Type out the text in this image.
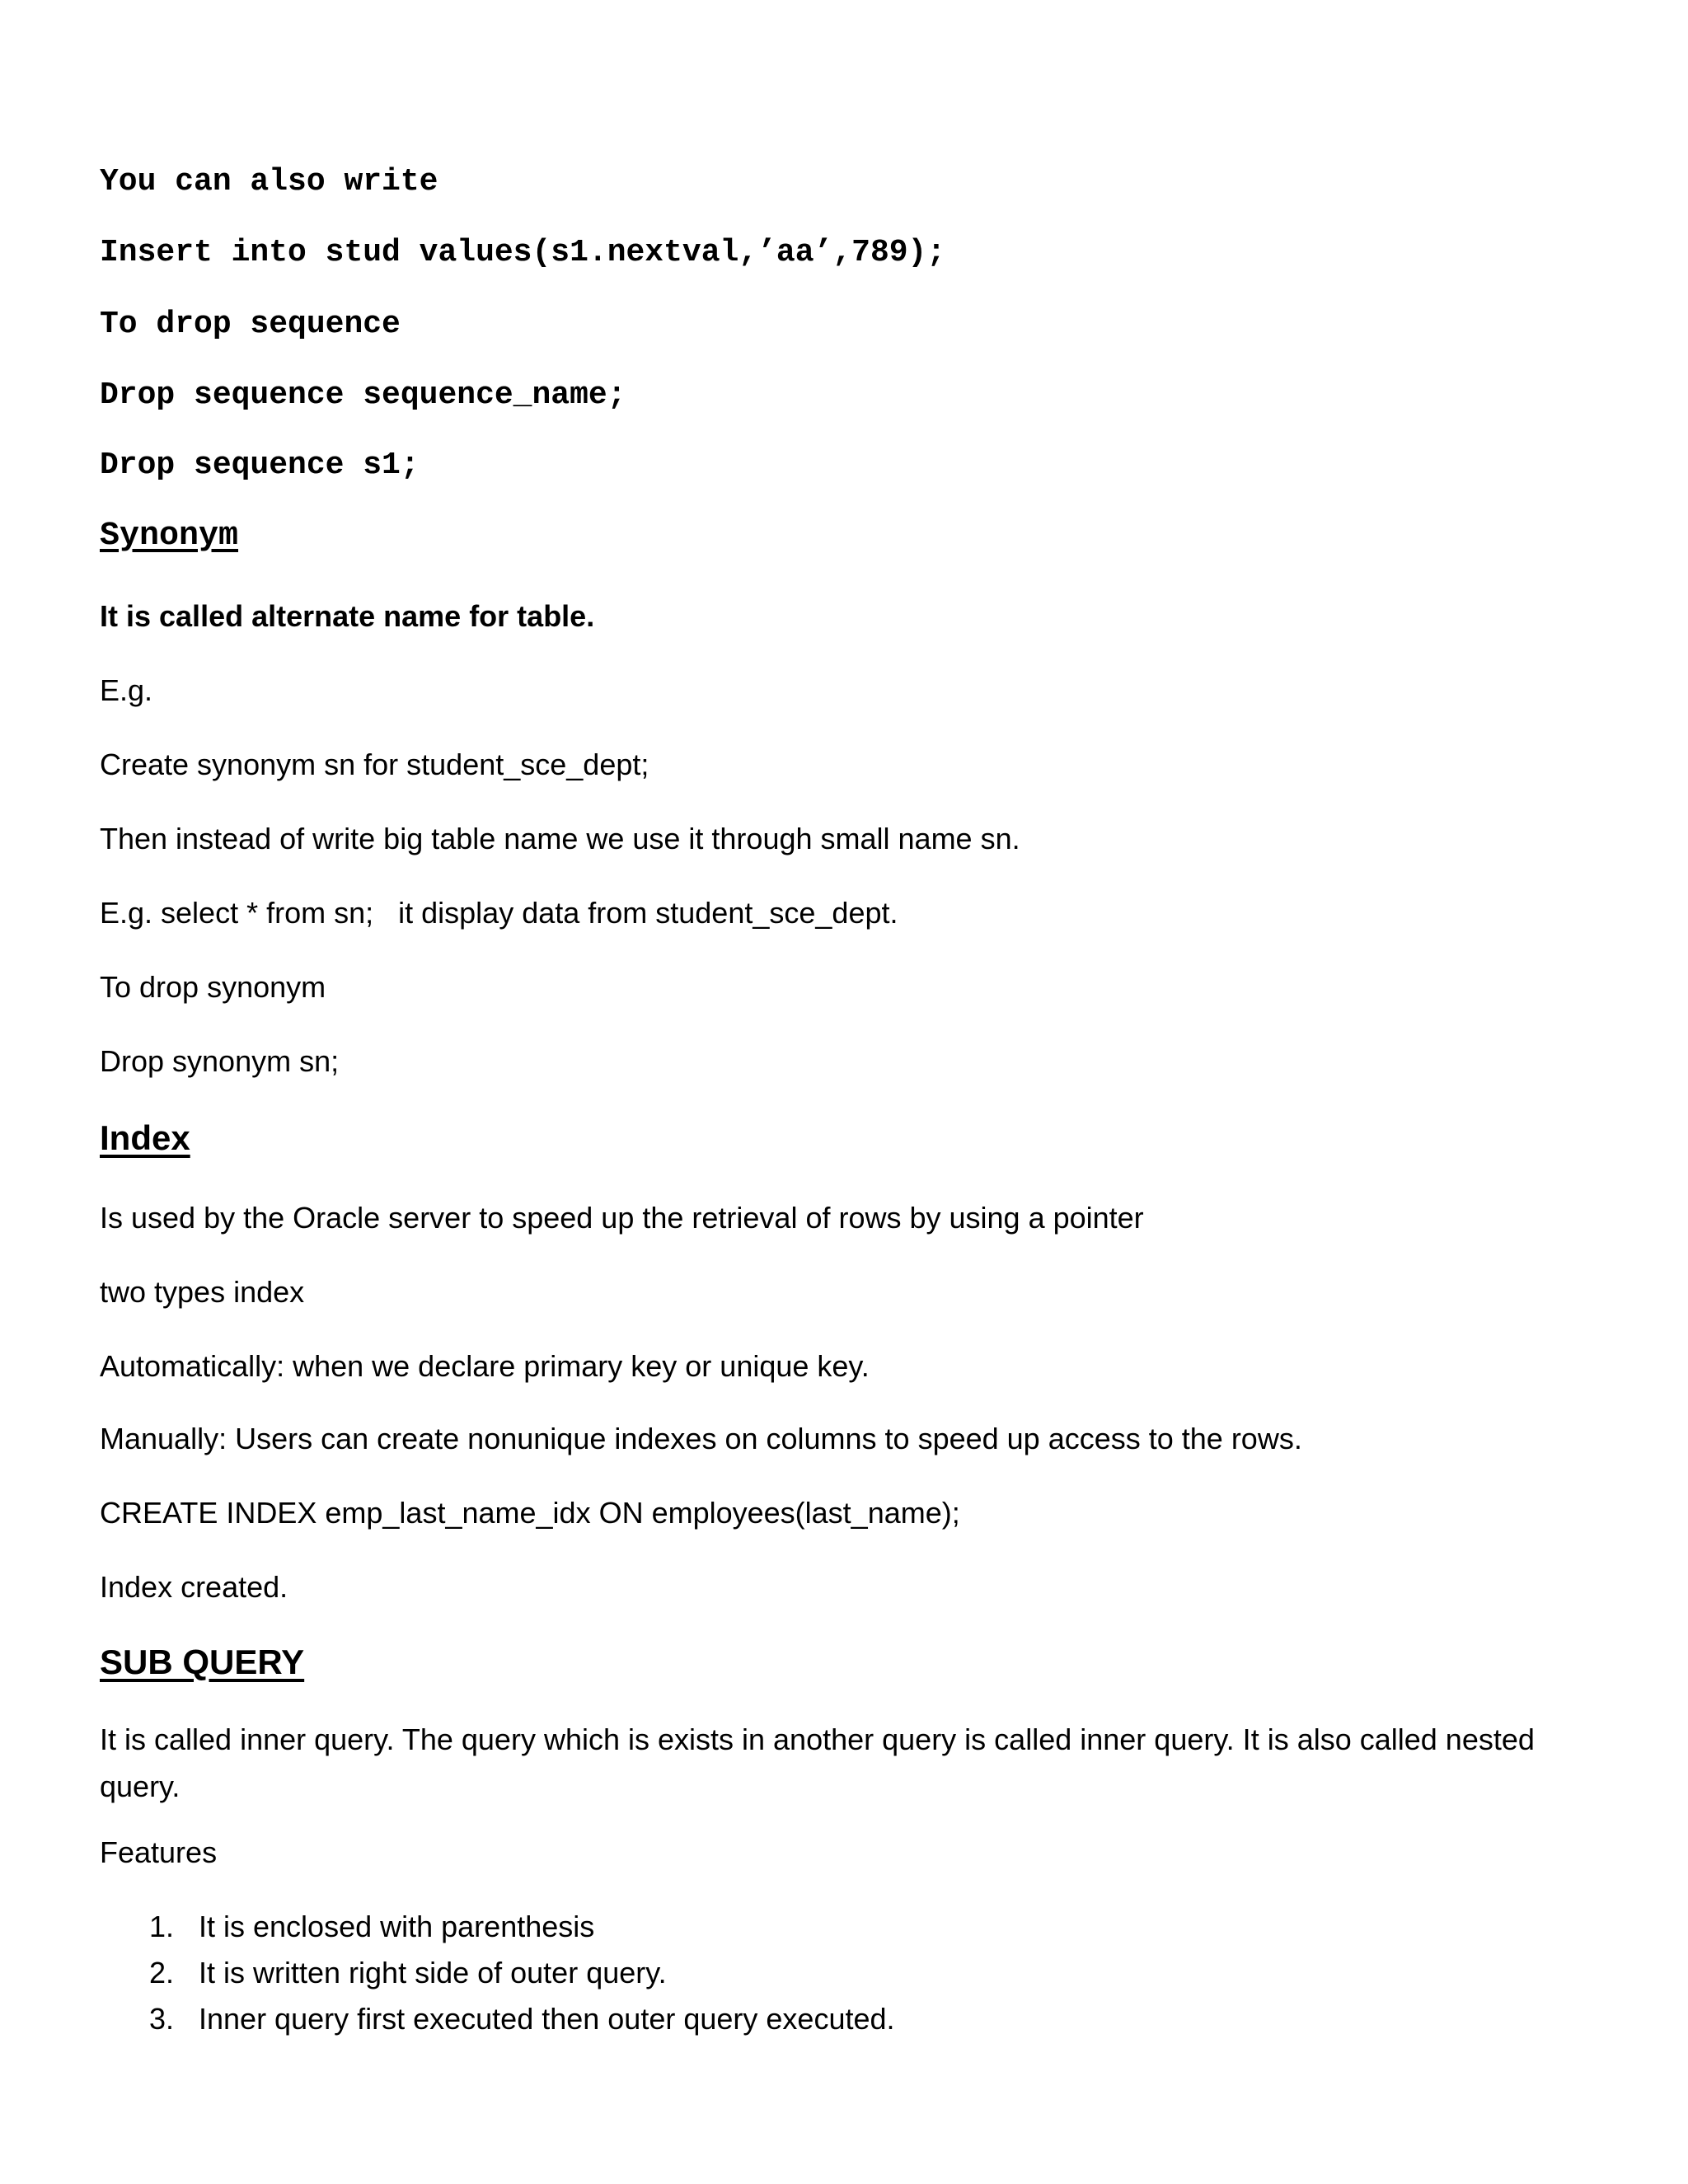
You can also write

Insert into stud values(s1.nextval,’aa’,789);

To drop sequence

Drop sequence sequence_name;

Drop sequence s1;

Synonym

It is called alternate name for table.

E.g.

Create synonym sn for student_sce_dept;

Then instead of write big table name we use it through small name sn.

E.g. select * from sn;   it display data from student_sce_dept.

To drop synonym

Drop synonym sn;

Index

Is used by the Oracle server to speed up the retrieval of rows by using a pointer

two types index

Automatically: when we declare primary key or unique key.

Manually: Users can create nonunique indexes on columns to speed up access to the rows.

CREATE INDEX emp_last_name_idx ON employees(last_name);

Index created.

SUB QUERY

It is called inner query. The query which is exists in another query is called inner query. It is also called nested query.

Features

1. It is enclosed with parenthesis
2. It is written right side of outer query.
3. Inner query first executed then outer query executed.
